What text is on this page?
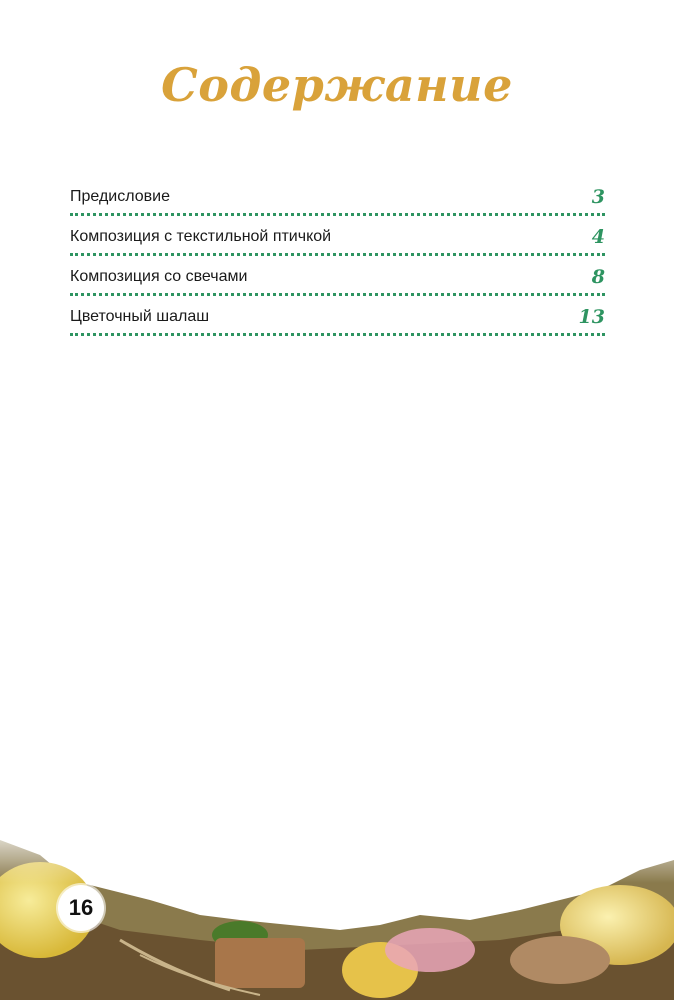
Содержание
Предисловие	3
Композиция с текстильной птичкой	4
Композиция со свечами	8
Цветочный шалаш	13
16
